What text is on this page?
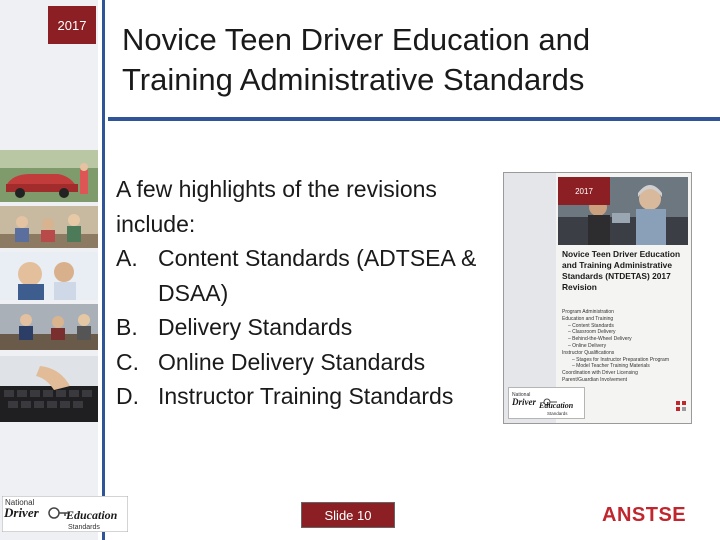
2017	Novice Teen Driver Education and
Training Administrative Standards

A few highlights of the revisions include:

A. Content Standards (ADTSEA & DSAA)
B. Delivery Standards
C. Online Delivery Standards
D. Instructor Training Standards
2017
Novice Teen Driver Education and Training Administrative Standards (NTDETAS) 2017 Revision
Program Administration
Education and Training
– Content Standards
– Classroom Delivery
– Behind-the-Wheel Delivery
– Online Delivery
Instructor Qualifications
– Stages for Instructor Preparation Program
– Model Teacher Training Materials
Coordination with Driver Licensing
Parent/Guardian Involvement
National
Driver Education
Standards
National
Driver Education
Standards
Slide 10	ANSTSE
